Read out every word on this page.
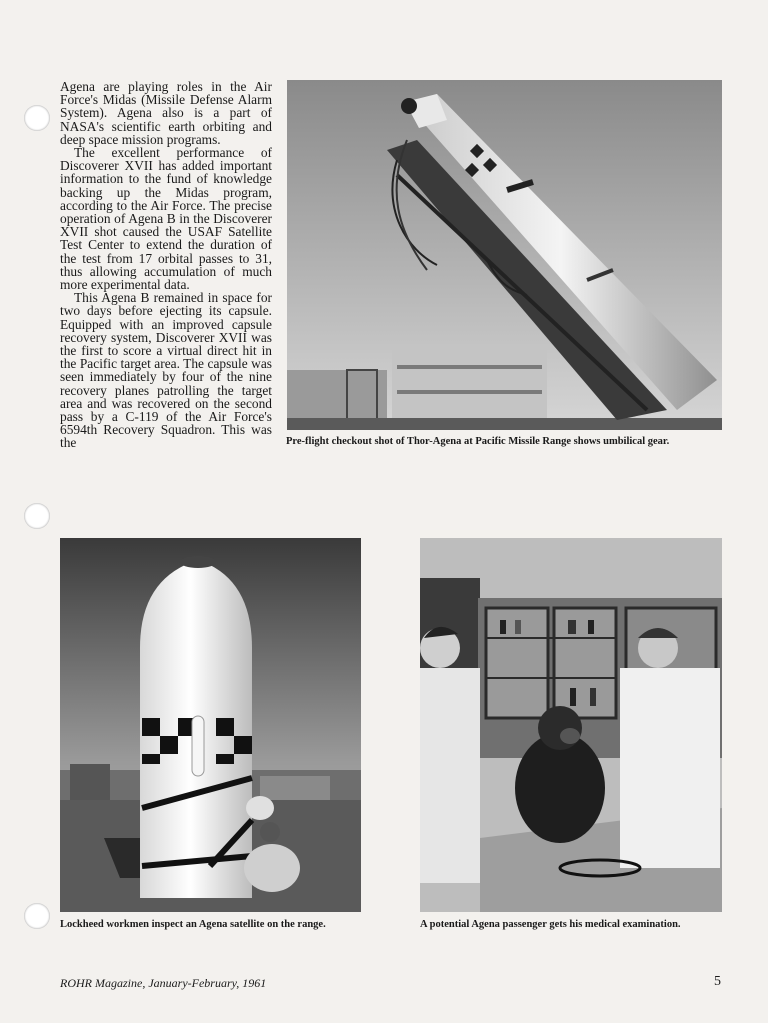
Agena are playing roles in the Air Force's Midas (Missile Defense Alarm System). Agena also is a part of NASA's scientific earth orbiting and deep space mission programs.

The excellent performance of Discoverer XVII has added important information to the fund of knowledge backing up the Midas program, according to the Air Force. The precise operation of Agena B in the Discoverer XVII shot caused the USAF Satellite Test Center to extend the duration of the test from 17 orbital passes to 31, thus allowing accumulation of much more experimental data.

This Agena B remained in space for two days before ejecting its capsule. Equipped with an improved capsule recovery system, Discoverer XVII was the first to score a virtual direct hit in the Pacific target area. The capsule was seen immediately by four of the nine recovery planes patrolling the target area and was recovered on the second pass by a C-119 of the Air Force's 6594th Recovery Squadron. This was the	Pre-flight checkout shot of Thor-Agena at Pacific Missile Range shows umbilical gear.
Lockheed workmen inspect an Agena satellite on the range.	A potential Agena passenger gets his medical examination.
ROHR Magazine, January-February, 1961	5
